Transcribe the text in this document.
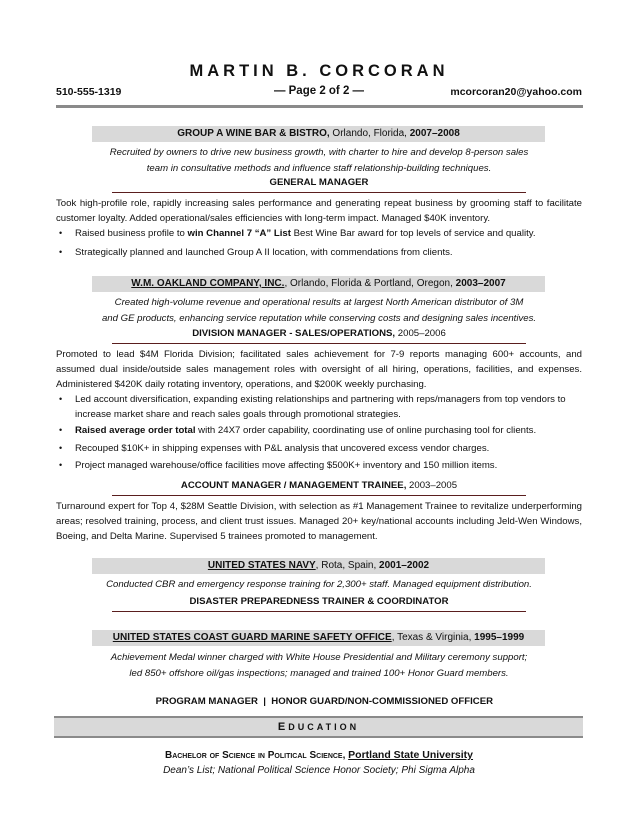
MARTIN B. CORCORAN
510-555-1319	— Page 2 of 2 —	mcorcoran20@yahoo.com
GROUP A WINE BAR & BISTRO, Orlando, Florida, 2007–2008
Recruited by owners to drive new business growth, with charter to hire and develop 8-person sales
team in consultative methods and influence staff relationship-building techniques.
GENERAL MANAGER
Took high-profile role, rapidly increasing sales performance and generating repeat business by grooming staff to facilitate customer loyalty. Added operational/sales efficiencies with long-term impact. Managed $40K inventory.
• Raised business profile to win Channel 7 “A” List Best Wine Bar award for top levels of service and quality.
• Strategically planned and launched Group A II location, with commendations from clients.
W.M. OAKLAND COMPANY, INC., Orlando, Florida & Portland, Oregon, 2003–2007
Created high-volume revenue and operational results at largest North American distributor of 3M
and GE products, enhancing service reputation while conserving costs and designing sales incentives.
DIVISION MANAGER - SALES/OPERATIONS, 2005–2006
Promoted to lead $4M Florida Division; facilitated sales achievement for 7-9 reports managing 600+ accounts, and assumed dual inside/outside sales management roles with oversight of all hiring, operations, facilities, and expenses. Administered $420K daily rotating inventory, operations, and $200K weekly purchasing.
• Led account diversification, expanding existing relationships and partnering with reps/managers from top vendors to increase market share and reach sales goals through promotional strategies.
• Raised average order total with 24X7 order capability, coordinating use of online purchasing tool for clients.
• Recouped $10K+ in shipping expenses with P&L analysis that uncovered excess vendor charges.
• Project managed warehouse/office facilities move affecting $500K+ inventory and 150 million items.
ACCOUNT MANAGER / MANAGEMENT TRAINEE, 2003–2005
Turnaround expert for Top 4, $28M Seattle Division, with selection as #1 Management Trainee to revitalize underperforming areas; resolved training, process, and client trust issues. Managed 20+ key/national accounts including Jeld-Wen Windows, Boeing, and Delta Marine. Supervised 5 trainees promoted to management.
UNITED STATES NAVY, Rota, Spain, 2001–2002
Conducted CBR and emergency response training for 2,300+ staff. Managed equipment distribution.
DISASTER PREPAREDNESS TRAINER & COORDINATOR
UNITED STATES COAST GUARD MARINE SAFETY OFFICE, Texas & Virginia, 1995–1999
Achievement Medal winner charged with White House Presidential and Military ceremony support;
led 850+ offshore oil/gas inspections; managed and trained 100+ Honor Guard members.

PROGRAM MANAGER  |  HONOR GUARD/NON-COMMISSIONED OFFICER

EDUCATION
Bachelor of Science in Political Science, Portland State University
Dean’s List; National Political Science Honor Society; Phi Sigma Alpha
